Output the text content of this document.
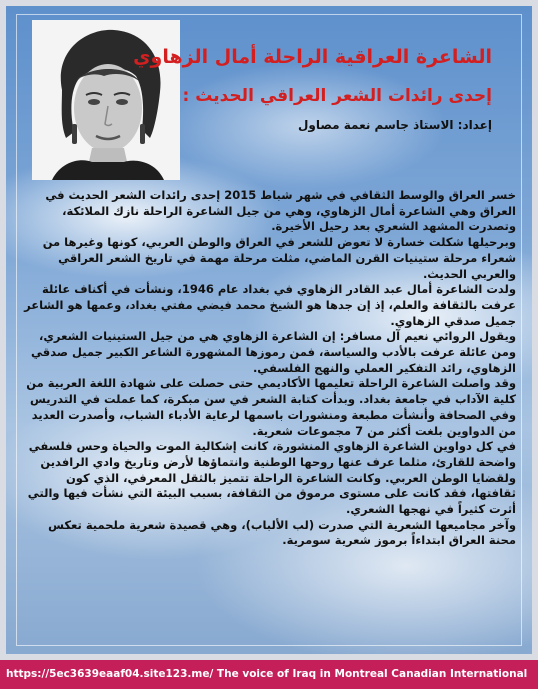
الشاعرة العراقية الراحلة أمال الزهاوي
إحدى رائدات الشعر العراقي الحديث :
إعداد: الاستاذ جاسم نعمة مصاول

خسر العراق والوسط الثقافي في شهر شباط 2015 إحدى رائدات الشعر الحديث في العراق وهي الشاعرة أمال الزهاوي، وهي من جيل الشاعرة الراحلة نازك الملائكة، وتصدرت المشهد الشعري بعد رحيل الأخيرة.

وبرحيلها شكلت خسارة لا تعوض للشعر في العراق والوطن العربي، كونها وغيرها من شعراء مرحلة ستينيات القرن الماضي، مثلت مرحلة مهمة في تاريخ الشعر العراقي والعربي الحديث.

ولدت الشاعرة أمال عبد القادر الزهاوي في بغداد عام 1946، ونشأت في أكناف عائلة عرفت بالثقافة والعلم، إذ إن جدها هو الشيخ محمد فيضي مفتي بغداد، وعمها هو الشاعر جميل صدقي الزهاوي.

ويقول الروائي نعيم آل مسافر: إن الشاعرة الزهاوي هي من جيل الستينيات الشعري، ومن عائلة عرفت بالأدب والسياسة، فمن رموزها المشهورة الشاعر الكبير جميل صدقي الزهاوي، رائد التفكير العملي والنهج الفلسفي.

وقد واصلت الشاعرة الراحلة تعليمها الأكاديمي حتى حصلت على شهادة اللغة العربية من كلية الآداب في جامعة بغداد. وبدأت كتابة الشعر في سن مبكرة، كما عملت في التدريس وفي الصحافة وأنشأت مطبعة ومنشورات باسمها لرعاية الأدباء الشباب، وأصدرت العديد من الدواوين بلغت أكثر من 7 مجموعات شعرية.

في كل دواوين الشاعرة الزهاوي المنشورة، كانت إشكالية الموت والحياة وحس فلسفي واضحة للقارئ، مثلما عرف عنها روحها الوطنية وانتماؤها لأرض وتاريخ وادي الرافدين ولقضايا الوطن العربي. وكانت الشاعرة الراحلة تتميز بالثقل المعرفي، الذي كون ثقافتها، فقد كانت على مستوى مرموق من الثقافة، بسبب البيئة التي نشأت فيها والتي أثرت كثيراً في نهجها الشعري.

وآخر مجاميعها الشعرية التي صدرت (لب الألباب)، وهي قصيدة شعرية ملحمية تعكس محنة العراق ابتداءاً برموز شعرية سومرية.

https://5ec3639eaaf04.site123.me/ The voice of Iraq in Montreal Canadian International
